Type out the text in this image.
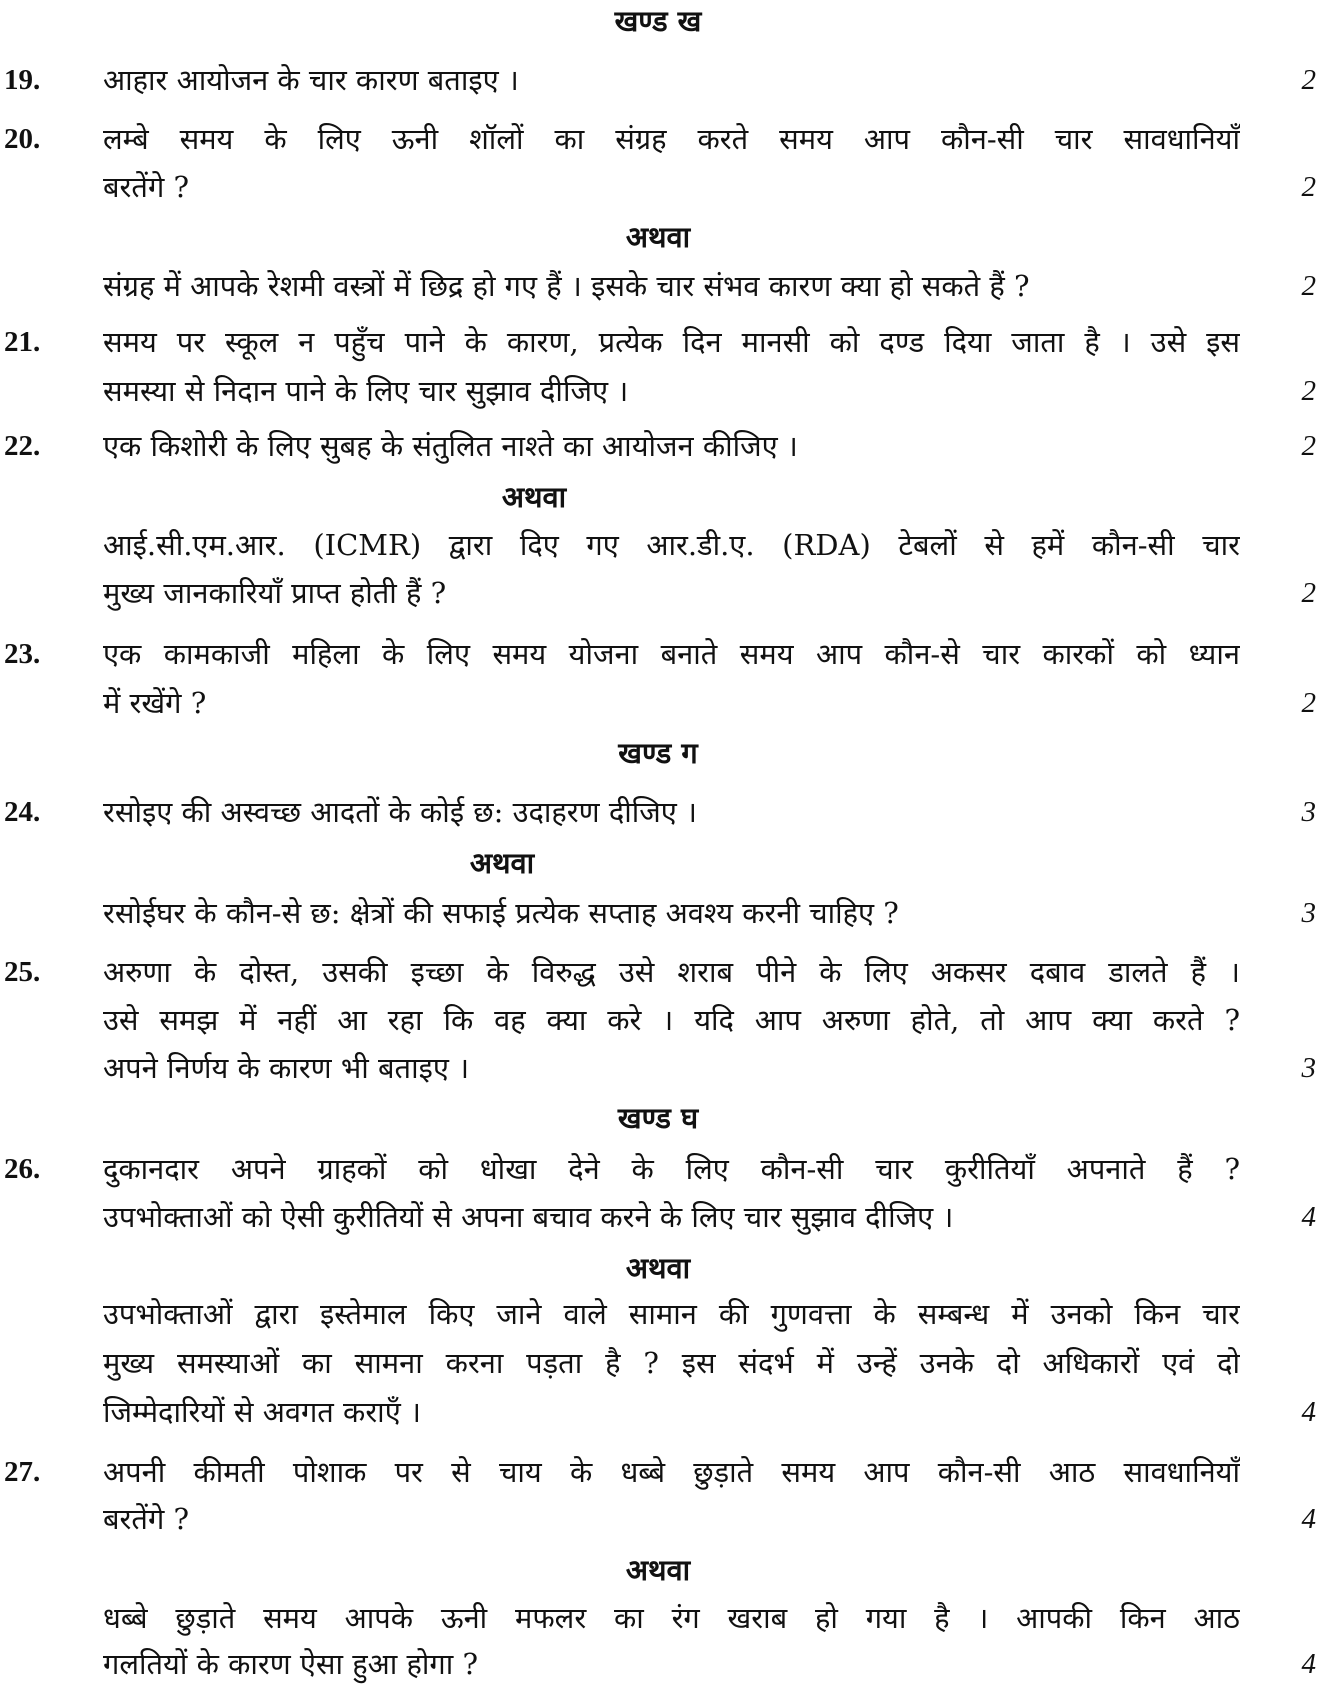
खण्ड ख
19. आहार आयोजन के चार कारण बताइए ।	2
20. लम्बे समय के लिए ऊनी शॉलों का संग्रह करते समय आप कौन-सी चार सावधानियाँ
बरतेंगे ?	2
अथवा
संग्रह में आपके रेशमी वस्त्रों में छिद्र हो गए हैं । इसके चार संभव कारण क्या हो सकते हैं ?	2
21. समय पर स्कूल न पहुँच पाने के कारण, प्रत्येक दिन मानसी को दण्ड दिया जाता है । उसे इस
समस्या से निदान पाने के लिए चार सुझाव दीजिए ।	2
22. एक किशोरी के लिए सुबह के संतुलित नाश्ते का आयोजन कीजिए ।	2
अथवा
आई.सी.एम.आर. (ICMR) द्वारा दिए गए आर.डी.ए. (RDA) टेबलों से हमें कौन-सी चार
मुख्य जानकारियाँ प्राप्त होती हैं ?	2
23. एक कामकाजी महिला के लिए समय योजना बनाते समय आप कौन-से चार कारकों को ध्यान
में रखेंगे ?	2
खण्ड ग
24. रसोइए की अस्वच्छ आदतों के कोई छ: उदाहरण दीजिए ।	3
अथवा
रसोईघर के कौन-से छ: क्षेत्रों की सफाई प्रत्येक सप्ताह अवश्य करनी चाहिए ?	3
25. अरुणा के दोस्त, उसकी इच्छा के विरुद्ध उसे शराब पीने के लिए अकसर दबाव डालते हैं ।
उसे समझ में नहीं आ रहा कि वह क्या करे । यदि आप अरुणा होते, तो आप क्या करते ?
अपने निर्णय के कारण भी बताइए ।	3
खण्ड घ
26. दुकानदार अपने ग्राहकों को धोखा देने के लिए कौन-सी चार कुरीतियाँ अपनाते हैं ?
उपभोक्ताओं को ऐसी कुरीतियों से अपना बचाव करने के लिए चार सुझाव दीजिए ।	4
अथवा
उपभोक्ताओं द्वारा इस्तेमाल किए जाने वाले सामान की गुणवत्ता के सम्बन्ध में उनको किन चार
मुख्य समस्याओं का सामना करना पड़ता है ? इस संदर्भ में उन्हें उनके दो अधिकारों एवं दो
जिम्मेदारियों से अवगत कराएँ ।	4
27. अपनी कीमती पोशाक पर से चाय के धब्बे छुड़ाते समय आप कौन-सी आठ सावधानियाँ
बरतेंगे ?	4
अथवा
धब्बे छुड़ाते समय आपके ऊनी मफलर का रंग खराब हो गया है । आपकी किन आठ
गलतियों के कारण ऐसा हुआ होगा ?	4
